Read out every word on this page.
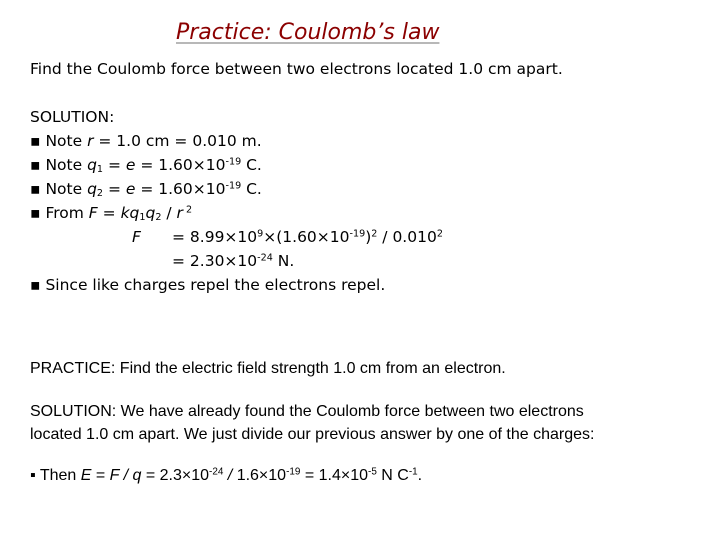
Practice: Coulomb’s law
Find the Coulomb force between two electrons located 1.0 cm apart.
SOLUTION:
▪ Note r = 1.0 cm = 0.010 m.
▪ Note $q_1 = e = 1.60\times 10^{-19}$ C.
▪ Note $q_2 = e = 1.60\times 10^{-19}$ C.
▪ From $F = kq_1q_2 / r$ $^2$
$F = 8.99\times 10^9\times(1.60\times 10^{-19})^2 / 0.010^2$
= $2.30\times 10^{-24}$ N.
▪ Since like charges repel the electrons repel.
PRACTICE: Find the electric field strength 1.0 cm from an electron.
SOLUTION: We have already found the Coulomb force between two electrons
located 1.0 cm apart. We just divide our previous answer by one of the charges:
▪ Then $E = F / q = 2.3\times 10^{-24} / 1.6\times 10^{-19} = 1.4\times 10^{-5}$ N $C^{-1}$.
